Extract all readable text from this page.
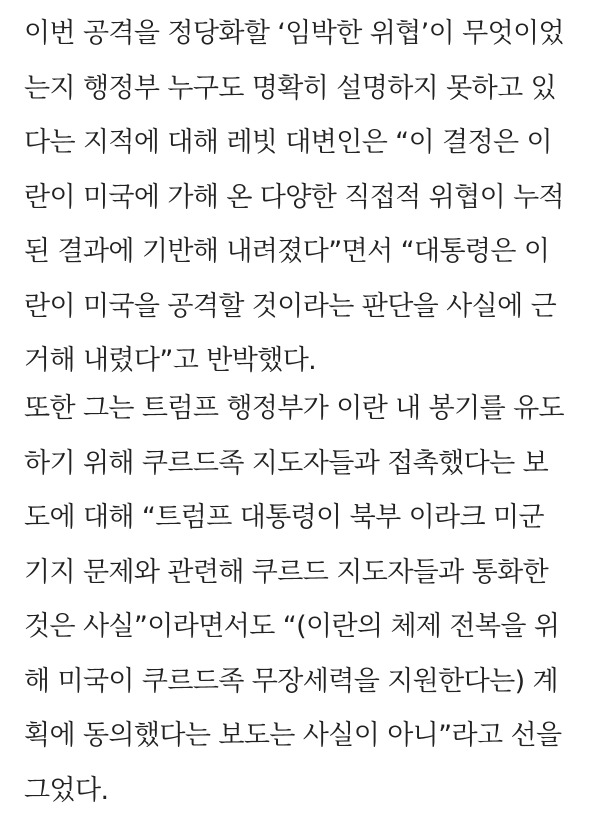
이번 공격을 정당화할 ‘임박한 위협’이 무엇이었
는지 행정부 누구도 명확히 설명하지 못하고 있
다는 지적에 대해 레빗 대변인은 “이 결정은 이
란이 미국에 가해 온 다양한 직접적 위협이 누적
된 결과에 기반해 내려졌다”면서 “대통령은 이
란이 미국을 공격할 것이라는 판단을 사실에 근
거해 내렸다”고 반박했다.

또한 그는 트럼프 행정부가 이란 내 봉기를 유도
하기 위해 쿠르드족 지도자들과 접촉했다는 보
도에 대해 “트럼프 대통령이 북부 이라크 미군
기지 문제와 관련해 쿠르드 지도자들과 통화한
것은 사실”이라면서도 “(이란의 체제 전복을 위
해 미국이 쿠르드족 무장세력을 지원한다는) 계
획에 동의했다는 보도는 사실이 아니”라고 선을
그었다.
